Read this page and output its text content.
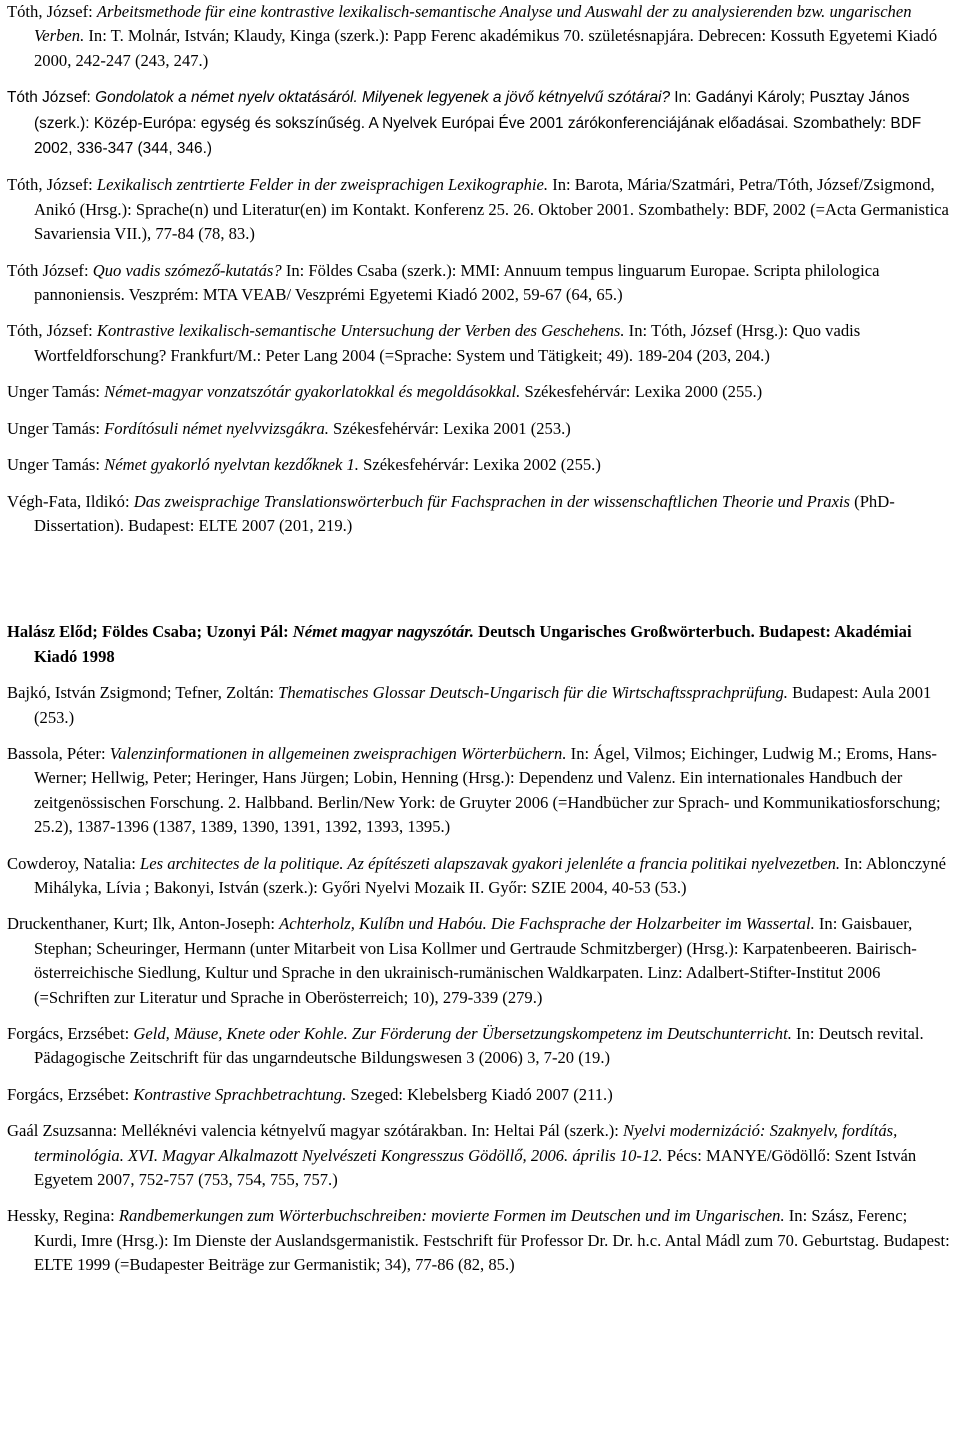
Tóth, József: Arbeitsmethode für eine kontrastive lexikalisch-semantische Analyse und Auswahl der zu analysierenden bzw. ungarischen Verben. In: T. Molnár, István; Klaudy, Kinga (szerk.): Papp Ferenc akadémikus 70. születésnapjára. Debrecen: Kossuth Egyetemi Kiadó 2000, 242-247 (243, 247.)

Tóth József: Gondolatok a német nyelv oktatásáról. Milyenek legyenek a jövő kétnyelvű szótárai? In: Gadányi Károly; Pusztay János (szerk.): Közép-Európa: egység és sokszínűség. A Nyelvek Európai Éve 2001 zárókonferenciájának előadásai. Szombathely: BDF 2002, 336-347 (344, 346.)

Tóth, József: Lexikalisch zentrtierte Felder in der zweisprachigen Lexikographie. In: Barota, Mária/Szatmári, Petra/Tóth, József/Zsigmond, Anikó (Hrsg.): Sprache(n) und Literatur(en) im Kontakt. Konferenz 25. 26. Oktober 2001. Szombathely: BDF, 2002 (=Acta Germanistica Savariensia VII.), 77-84 (78, 83.)

Tóth József: Quo vadis szómező-kutatás? In: Földes Csaba (szerk.): MMI: Annuum tempus linguarum Europae. Scripta philologica pannoniensis. Veszprém: MTA VEAB/ Veszprémi Egyetemi Kiadó 2002, 59-67 (64, 65.)

Tóth, József: Kontrastive lexikalisch-semantische Untersuchung der Verben des Geschehens. In: Tóth, József (Hrsg.): Quo vadis Wortfeldforschung? Frankfurt/M.: Peter Lang 2004 (=Sprache: System und Tätigkeit; 49). 189-204 (203, 204.)

Unger Tamás: Német-magyar vonzatszótár gyakorlatokkal és megoldásokkal. Székesfehérvár: Lexika 2000 (255.)

Unger Tamás: Fordítósuli német nyelvvizsgákra. Székesfehérvár: Lexika 2001 (253.)

Unger Tamás: Német gyakorló nyelvtan kezdőknek 1. Székesfehérvár: Lexika 2002 (255.)

Végh-Fata, Ildikó: Das zweisprachige Translationswörterbuch für Fachsprachen in der wissenschaftlichen Theorie und Praxis (PhD-Dissertation). Budapest: ELTE 2007 (201, 219.)

Halász Előd; Földes Csaba; Uzonyi Pál: Német magyar nagyszótár. Deutsch Ungarisches Großwörterbuch. Budapest: Akadémiai Kiadó 1998

Bajkó, István Zsigmond; Tefner, Zoltán: Thematisches Glossar Deutsch-Ungarisch für die Wirtschaftssprachprüfung. Budapest: Aula 2001 (253.)

Bassola, Péter: Valenzinformationen in allgemeinen zweisprachigen Wörterbüchern. In: Ágel, Vilmos; Eichinger, Ludwig M.; Eroms, Hans-Werner; Hellwig, Peter; Heringer, Hans Jürgen; Lobin, Henning (Hrsg.): Dependenz und Valenz. Ein internationales Handbuch der zeitgenössischen Forschung. 2. Halbband. Berlin/New York: de Gruyter 2006 (=Handbücher zur Sprach- und Kommunikatiosforschung; 25.2), 1387-1396 (1387, 1389, 1390, 1391, 1392, 1393, 1395.)

Cowderoy, Natalia: Les architectes de la politique. Az építészeti alapszavak gyakori jelenléte a francia politikai nyelvezetben. In: Ablonczyné Mihályka, Lívia ; Bakonyi, István (szerk.): Győri Nyelvi Mozaik II. Győr: SZIE 2004, 40-53 (53.)

Druckenthaner, Kurt; Ilk, Anton-Joseph: Achterholz, Kulíbn und Habóu. Die Fachsprache der Holzarbeiter im Wassertal. In: Gaisbauer, Stephan; Scheuringer, Hermann (unter Mitarbeit von Lisa Kollmer und Gertraude Schmitzberger) (Hrsg.): Karpatenbeeren. Bairisch-österreichische Siedlung, Kultur und Sprache in den ukrainisch-rumänischen Waldkarpaten. Linz: Adalbert-Stifter-Institut 2006 (=Schriften zur Literatur und Sprache in Oberösterreich; 10), 279-339 (279.)

Forgács, Erzsébet: Geld, Mäuse, Knete oder Kohle. Zur Förderung der Übersetzungskompetenz im Deutschunterricht. In: Deutsch revital. Pädagogische Zeitschrift für das ungarndeutsche Bildungswesen 3 (2006) 3, 7-20 (19.)

Forgács, Erzsébet: Kontrastive Sprachbetrachtung. Szeged: Klebelsberg Kiadó 2007 (211.)

Gaál Zsuzsanna: Melléknévi valencia kétnyelvű magyar szótárakban. In: Heltai Pál (szerk.): Nyelvi modernizáció: Szaknyelv, fordítás, terminológia. XVI. Magyar Alkalmazott Nyelvészeti Kongresszus Gödöllő, 2006. április 10-12. Pécs: MANYE/Gödöllő: Szent István Egyetem 2007, 752-757 (753, 754, 755, 757.)

Hessky, Regina: Randbemerkungen zum Wörterbuchschreiben: movierte Formen im Deutschen und im Ungarischen. In: Szász, Ferenc; Kurdi, Imre (Hrsg.): Im Dienste der Auslandsgermanistik. Festschrift für Professor Dr. Dr. h.c. Antal Mádl zum 70. Geburtstag. Budapest: ELTE 1999 (=Budapester Beiträge zur Germanistik; 34), 77-86 (82, 85.)
